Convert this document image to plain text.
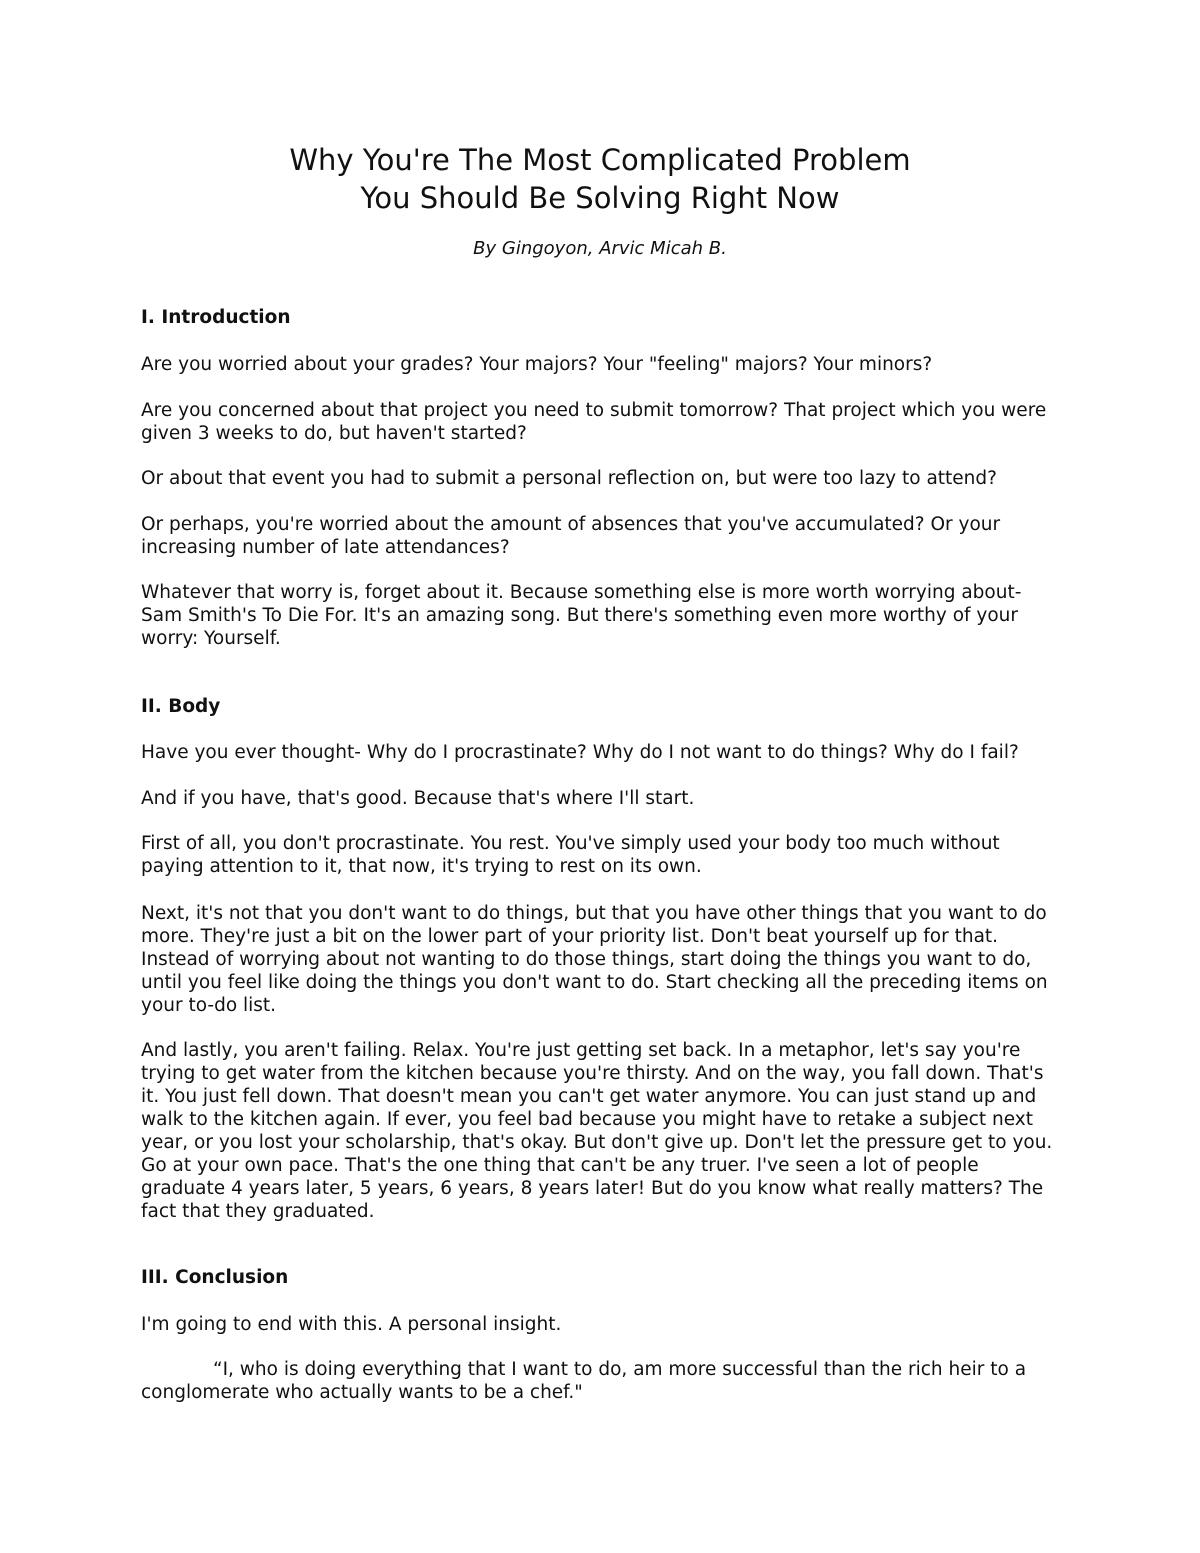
Why You're The Most Complicated Problem
You Should Be Solving Right Now

By Gingoyon, Arvic Micah B.

I. Introduction

Are you worried about your grades? Your majors? Your "feeling" majors? Your minors?

Are you concerned about that project you need to submit tomorrow? That project which you were given 3 weeks to do, but haven't started?

Or about that event you had to submit a personal reflection on, but were too lazy to attend?

Or perhaps, you're worried about the amount of absences that you've accumulated? Or your increasing number of late attendances?

Whatever that worry is, forget about it. Because something else is more worth worrying about- Sam Smith's To Die For. It's an amazing song. But there's something even more worthy of your worry: Yourself.

II. Body

Have you ever thought- Why do I procrastinate? Why do I not want to do things? Why do I fail?

And if you have, that's good. Because that's where I'll start.

First of all, you don't procrastinate. You rest. You've simply used your body too much without paying attention to it, that now, it's trying to rest on its own.

Next, it's not that you don't want to do things, but that you have other things that you want to do more. They're just a bit on the lower part of your priority list. Don't beat yourself up for that. Instead of worrying about not wanting to do those things, start doing the things you want to do, until you feel like doing the things you don't want to do. Start checking all the preceding items on your to-do list.

And lastly, you aren't failing. Relax. You're just getting set back. In a metaphor, let's say you're trying to get water from the kitchen because you're thirsty. And on the way, you fall down. That's it. You just fell down. That doesn't mean you can't get water anymore. You can just stand up and walk to the kitchen again. If ever, you feel bad because you might have to retake a subject next year, or you lost your scholarship, that's okay. But don't give up. Don't let the pressure get to you. Go at your own pace. That's the one thing that can't be any truer. I've seen a lot of people graduate 4 years later, 5 years, 6 years, 8 years later! But do you know what really matters? The fact that they graduated.

III. Conclusion

I'm going to end with this. A personal insight.

“I, who is doing everything that I want to do, am more successful than the rich heir to a conglomerate who actually wants to be a chef."
